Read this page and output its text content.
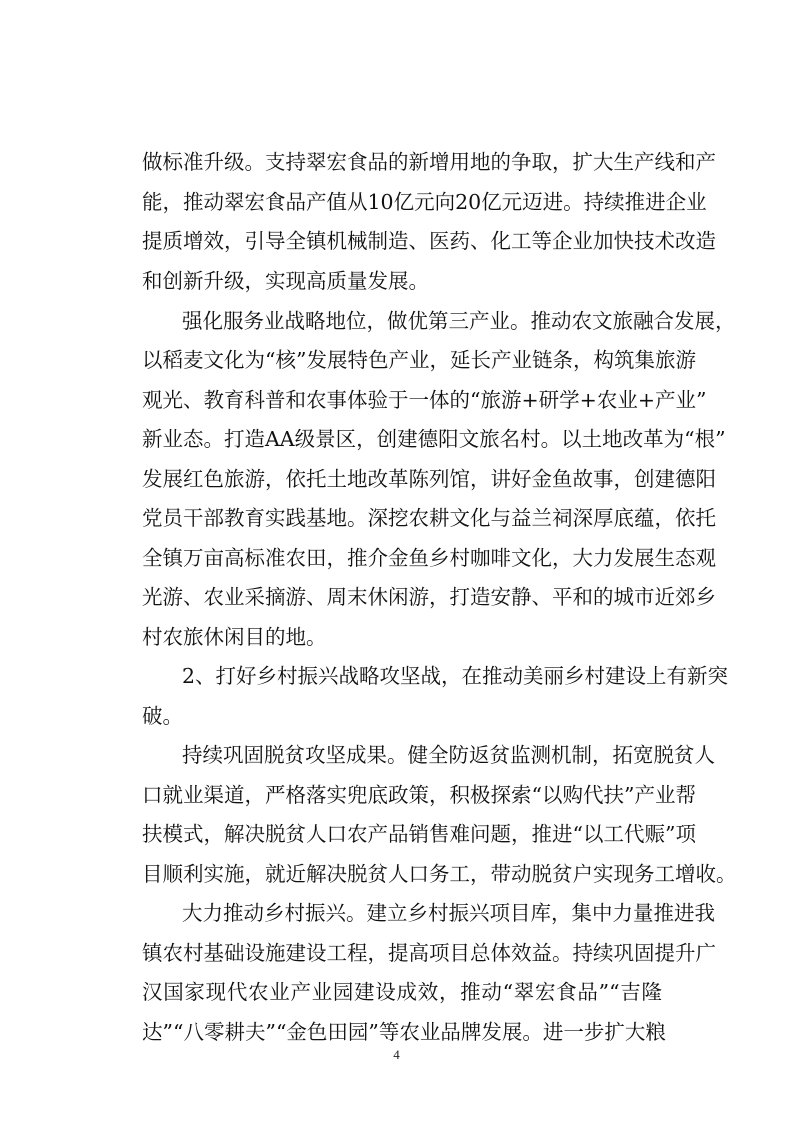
做标准升级。支持翠宏食品的新增用地的争取，扩大生产线和产
能，推动翠宏食品产值从10亿元向20亿元迈进。持续推进企业
提质增效，引导全镇机械制造、医药、化工等企业加快技术改造
和创新升级，实现高质量发展。
强化服务业战略地位，做优第三产业。推动农文旅融合发展，
以稻麦文化为“核”发展特色产业，延长产业链条，构筑集旅游
观光、教育科普和农事体验于一体的“旅游+研学+农业+产业”
新业态。打造AA级景区，创建德阳文旅名村。以土地改革为“根”
发展红色旅游，依托土地改革陈列馆，讲好金鱼故事，创建德阳
党员干部教育实践基地。深挖农耕文化与益兰祠深厚底蕴，依托
全镇万亩高标准农田，推介金鱼乡村咖啡文化，大力发展生态观
光游、农业采摘游、周末休闲游，打造安静、平和的城市近郊乡
村农旅休闲目的地。
2、打好乡村振兴战略攻坚战，在推动美丽乡村建设上有新突
破。
持续巩固脱贫攻坚成果。健全防返贫监测机制，拓宽脱贫人
口就业渠道，严格落实兜底政策，积极探索“以购代扶”产业帮
扶模式，解决脱贫人口农产品销售难问题，推进“以工代赈”项
目顺利实施，就近解决脱贫人口务工，带动脱贫户实现务工增收。
大力推动乡村振兴。建立乡村振兴项目库，集中力量推进我
镇农村基础设施建设工程，提高项目总体效益。持续巩固提升广
汉国家现代农业产业园建设成效，推动“翠宏食品”“吉隆
达”“八零耕夫”“金色田园”等农业品牌发展。进一步扩大粮
4
